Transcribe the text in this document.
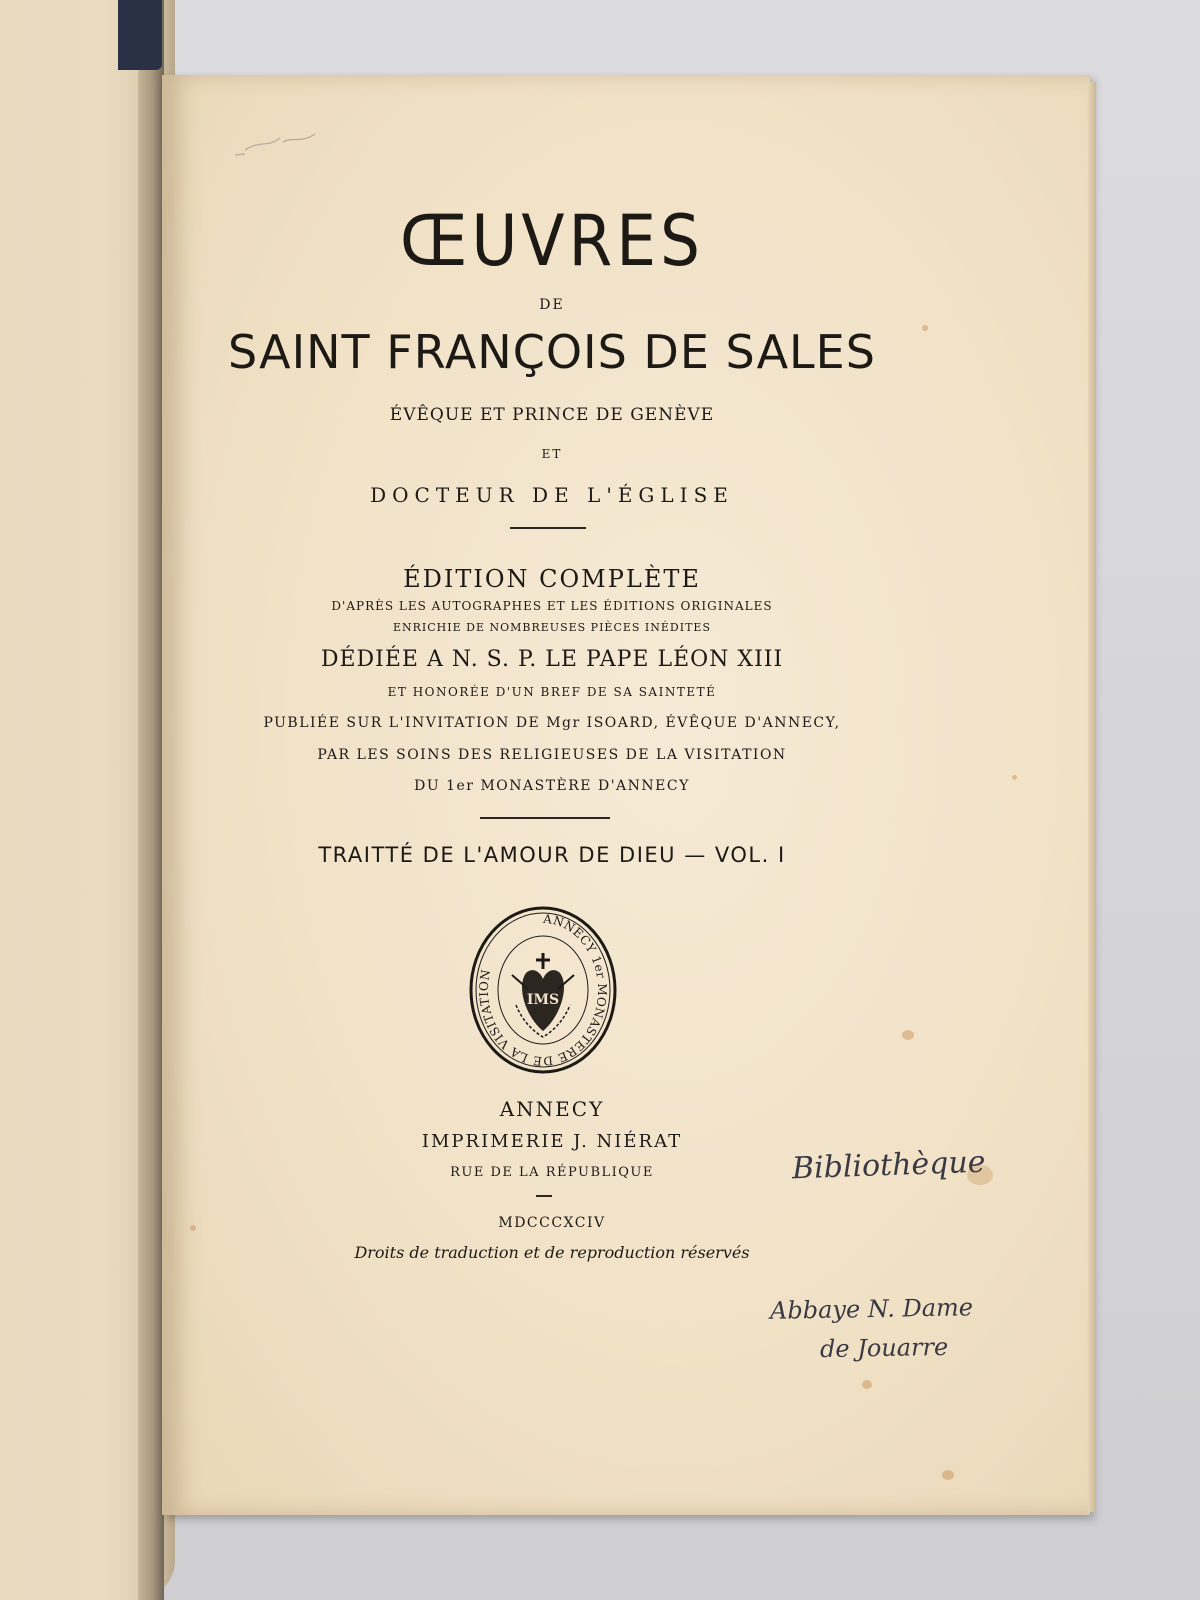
ŒUVRES
DE
SAINT FRANÇOIS DE SALES
ÉVÊQUE ET PRINCE DE GENÈVE
ET
DOCTEUR DE L'ÉGLISE
ÉDITION COMPLÈTE
D'APRÈS LES AUTOGRAPHES ET LES ÉDITIONS ORIGINALES
ENRICHIE DE NOMBREUSES PIÈCES INÉDITES
DÉDIÉE A N. S. P. LE PAPE LÉON XIII
ET HONORÉE D'UN BREF DE SA SAINTETÉ
PUBLIÉE SUR L'INVITATION DE Mgr ISOARD, ÉVÊQUE D'ANNECY,
PAR LES SOINS DES RELIGIEUSES DE LA VISITATION
DU 1er MONASTÈRE D'ANNECY
TRAITTÉ DE L'AMOUR DE DIEU — VOL. I
ANNECY 1er MONASTERE DE LA VISITATION
IMS
ANNECY
IMPRIMERIE J. NIÉRAT
RUE DE LA RÉPUBLIQUE
MDCCCXCIV
Droits de traduction et de reproduction réservés
Bibliothèque
Abbaye N. Dame
de Jouarre
